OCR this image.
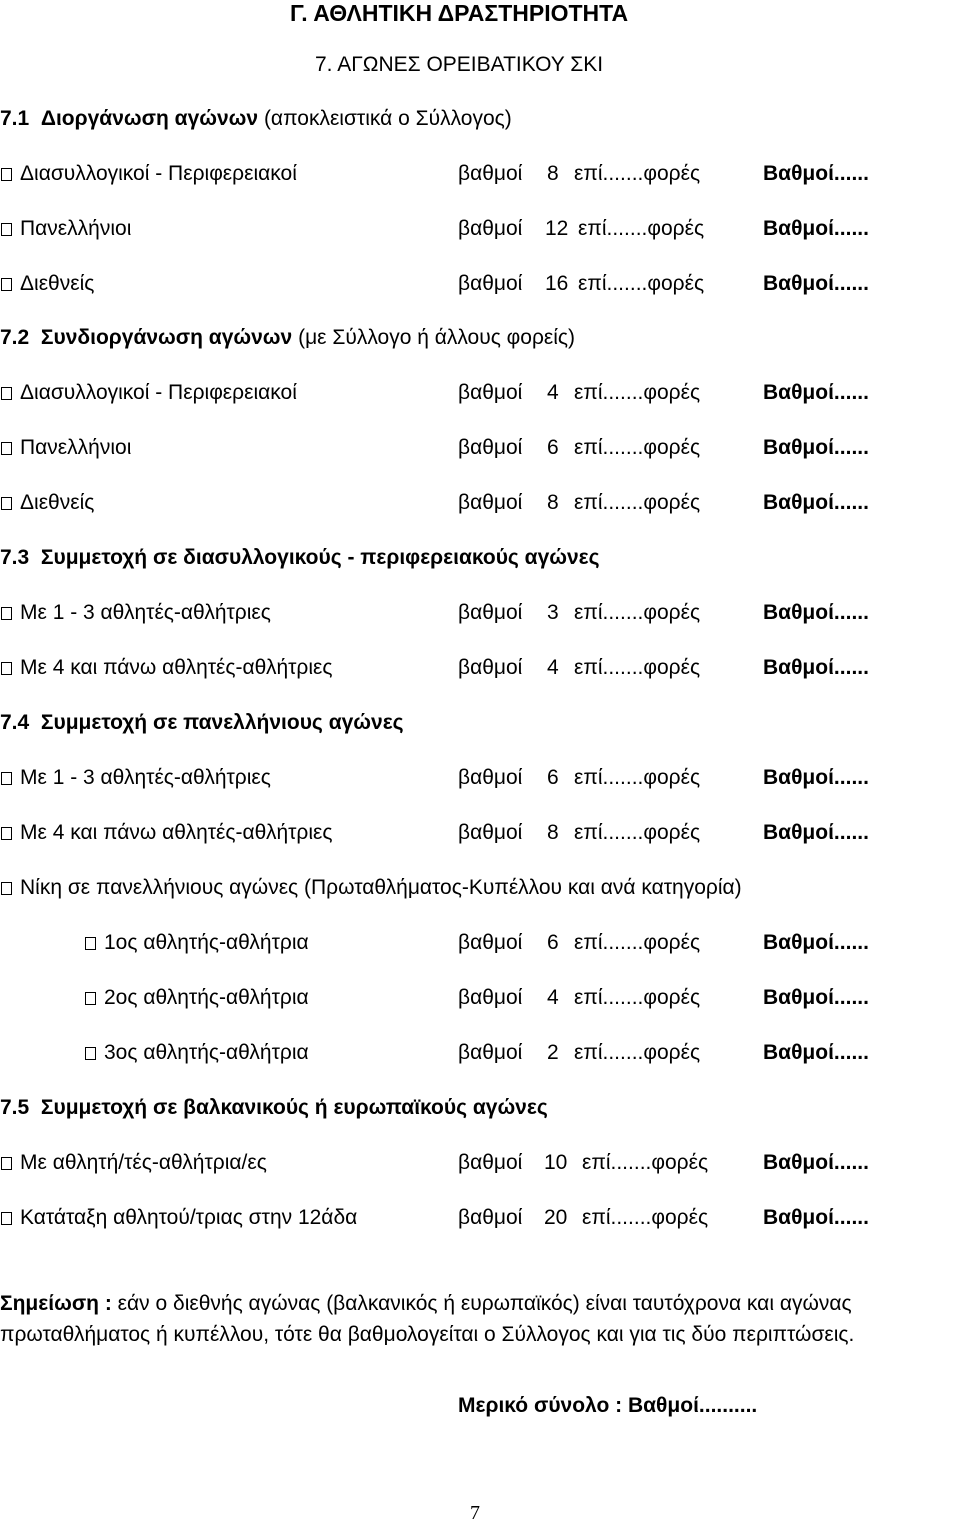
Γ. ΑΘΛΗΤΙΚΗ ΔΡΑΣΤΗΡΙΟΤΗΤΑ
7. ΑΓΩΝΕΣ ΟΡΕΙΒΑΤΙΚΟΥ ΣΚΙ
7.1 Διοργάνωση αγώνων (αποκλειστικά ο Σύλλογος)
Διασυλλογικοί - Περιφερειακοί	βαθμοί 8 επί.......φορές	Βαθμοί......
Πανελλήνιοι	βαθμοί 12 επί.......φορές	Βαθμοί......
Διεθνείς	βαθμοί 16 επί.......φορές	Βαθμοί......
7.2 Συνδιοργάνωση αγώνων (με Σύλλογο ή άλλους φορείς)
Διασυλλογικοί - Περιφερειακοί	βαθμοί 4 επί.......φορές	Βαθμοί......
Πανελλήνιοι	βαθμοί 6 επί.......φορές	Βαθμοί......
Διεθνείς	βαθμοί 8 επί.......φορές	Βαθμοί......
7.3 Συμμετοχή σε διασυλλογικούς - περιφερειακούς αγώνες
Με 1 - 3 αθλητές-αθλήτριες	βαθμοί 3 επί.......φορές	Βαθμοί......
Με 4 και πάνω αθλητές-αθλήτριες	βαθμοί 4 επί.......φορές	Βαθμοί......
7.4 Συμμετοχή σε πανελλήνιους αγώνες
Με 1 - 3 αθλητές-αθλήτριες	βαθμοί 6 επί.......φορές	Βαθμοί......
Με 4 και πάνω αθλητές-αθλήτριες	βαθμοί 8 επί.......φορές	Βαθμοί......
Νίκη σε πανελλήνιους αγώνες (Πρωταθλήματος-Κυπέλλου και ανά κατηγορία)
1ος αθλητής-αθλήτρια	βαθμοί 6 επί.......φορές	Βαθμοί......
2ος αθλητής-αθλήτρια	βαθμοί 4 επί.......φορές	Βαθμοί......
3ος αθλητής-αθλήτρια	βαθμοί 2 επί.......φορές	Βαθμοί......
7.5 Συμμετοχή σε βαλκανικούς ή ευρωπαϊκούς αγώνες
Με αθλητή/τές-αθλήτρια/ες	βαθμοί 10 επί.......φορές	Βαθμοί......
Κατάταξη αθλητού/τριας στην 12άδα	βαθμοί 20 επί.......φορές	Βαθμοί......
Σημείωση : εάν ο διεθνής αγώνας (βαλκανικός ή ευρωπαϊκός) είναι ταυτόχρονα και αγώνας πρωταθλήματος ή κυπέλλου, τότε θα βαθμολογείται ο Σύλλογος και για τις δύο περιπτώσεις.
Μερικό σύνολο : Βαθμοί..........
7
